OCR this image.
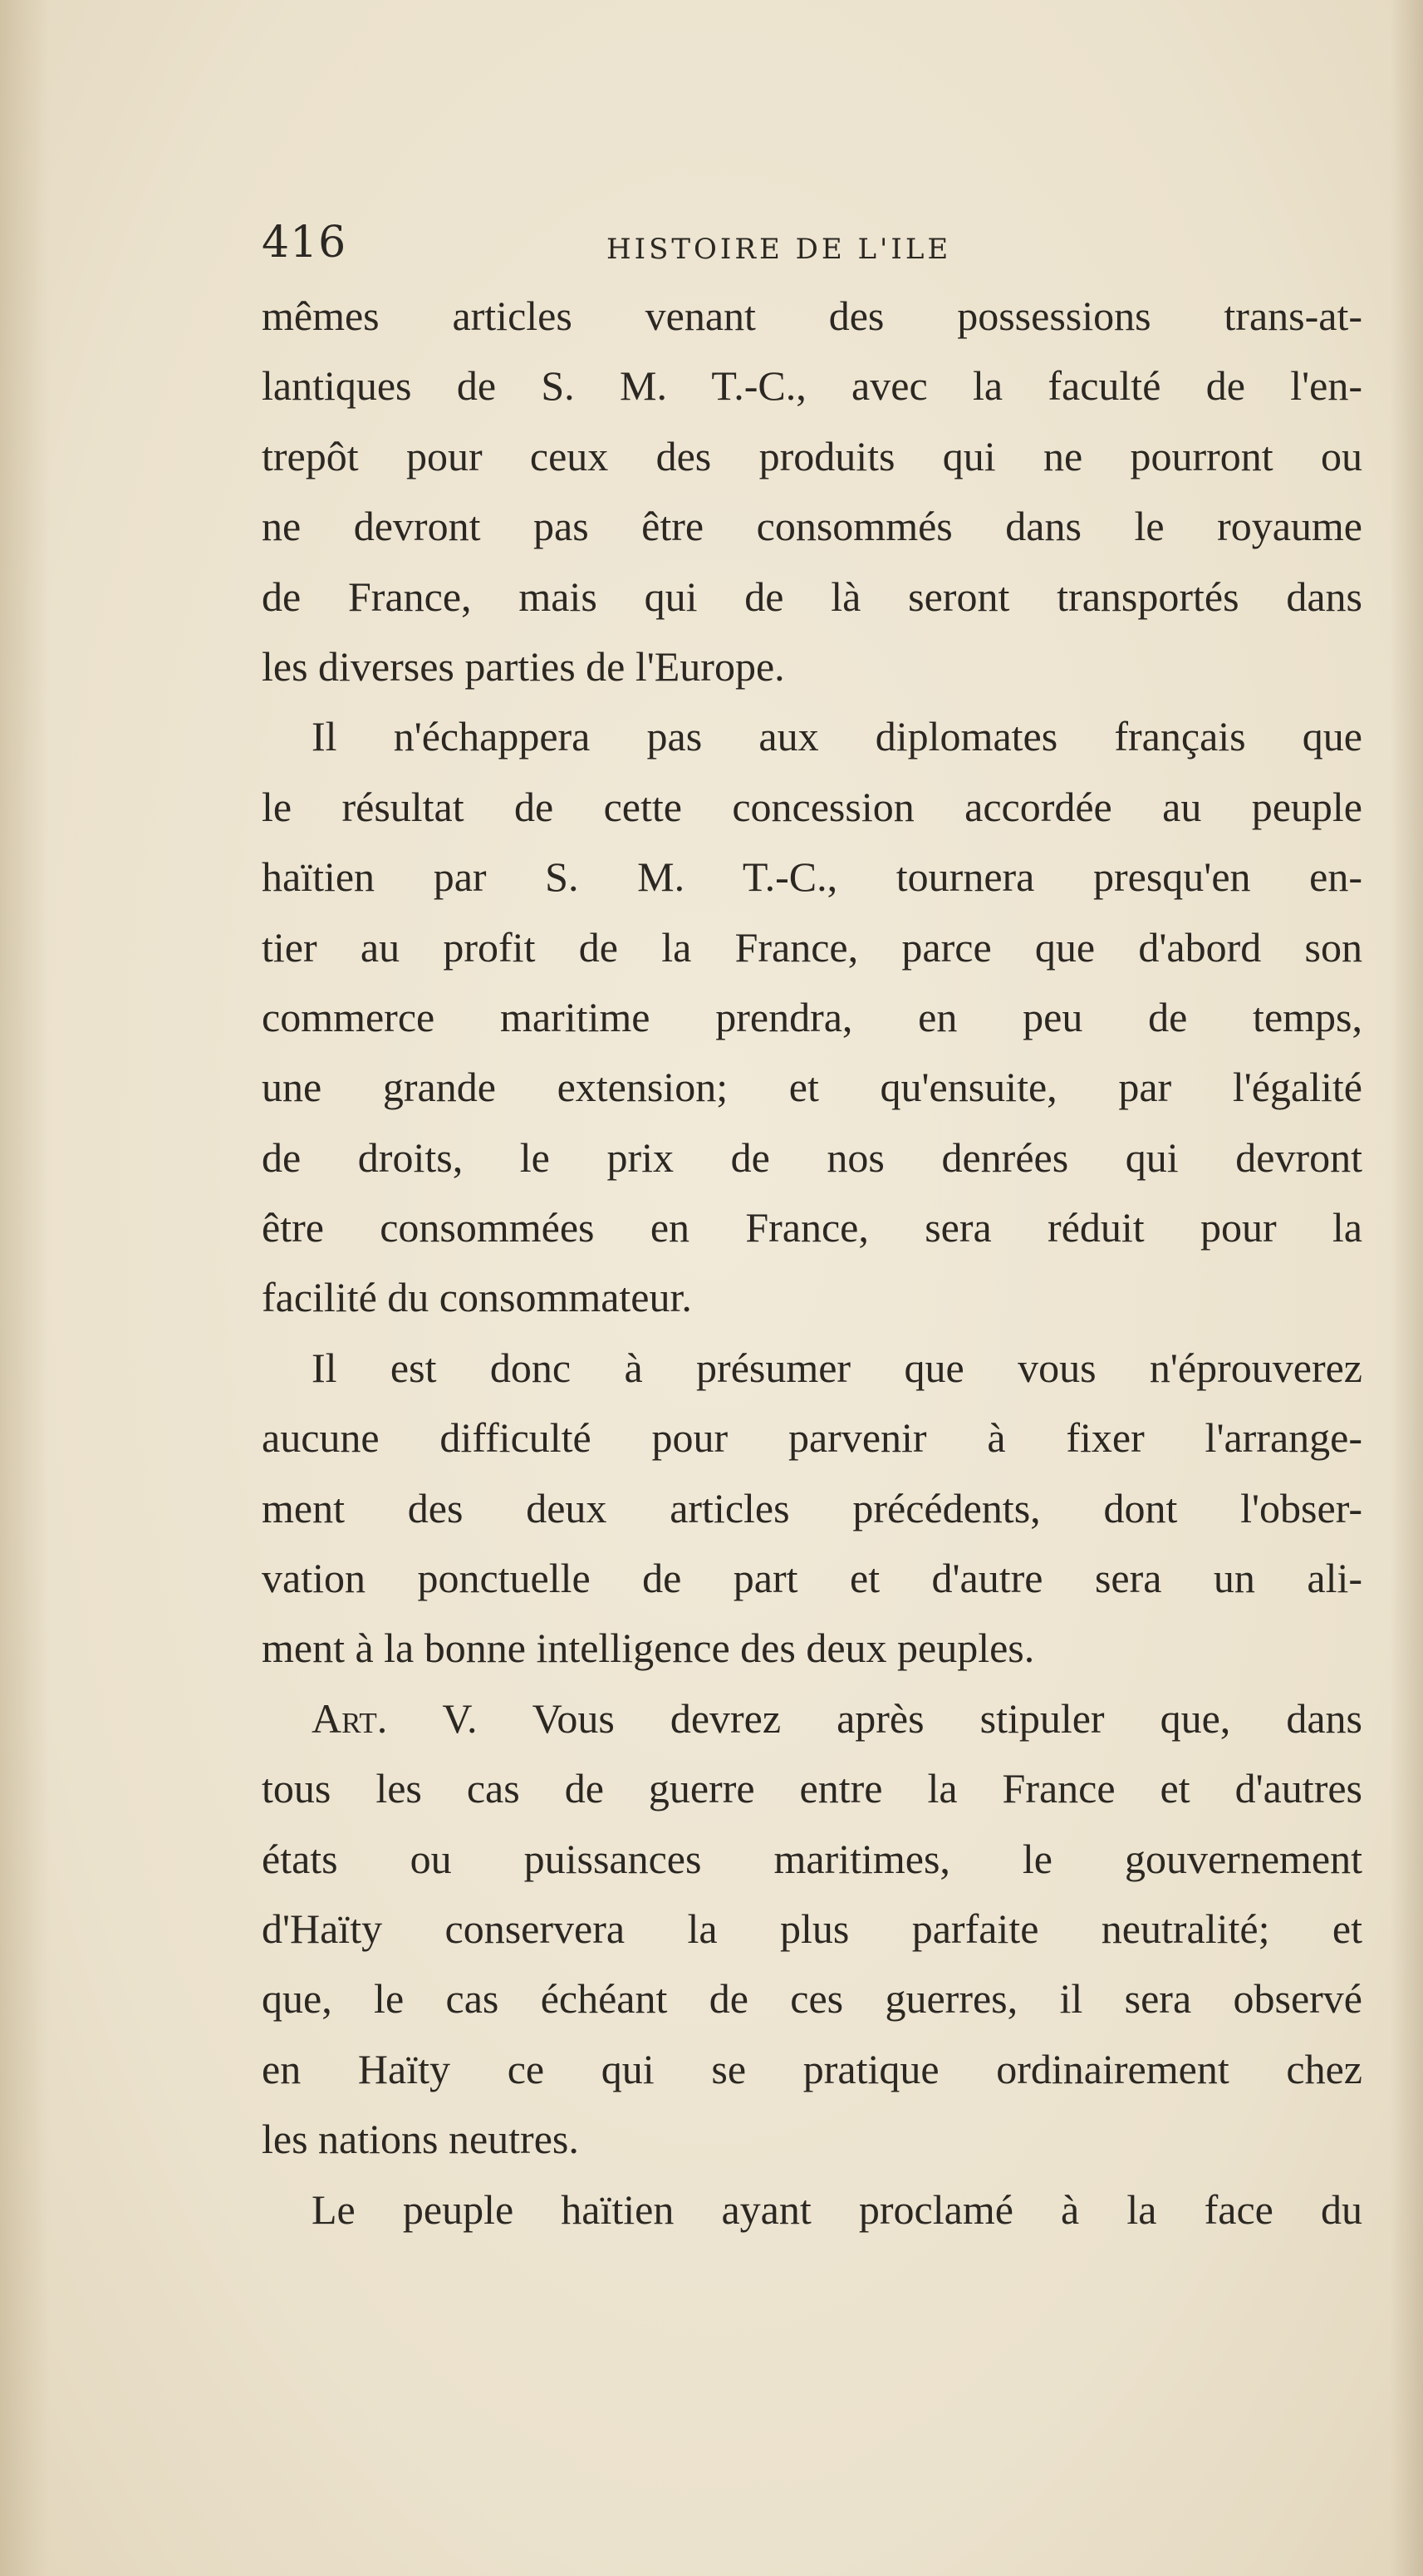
416	HISTOIRE DE L'ILE
mêmes articles venant des possessions trans-at-
lantiques de S. M. T.-C., avec la faculté de l'en-
trepôt pour ceux des produits qui ne pourront ou
ne devront pas être consommés dans le royaume
de France, mais qui de là seront transportés dans
les diverses parties de l'Europe.
Il n'échappera pas aux diplomates français que
le résultat de cette concession accordée au peuple
haïtien par S. M. T.-C., tournera presqu'en en-
tier au profit de la France, parce que d'abord son
commerce maritime prendra, en peu de temps,
une grande extension; et qu'ensuite, par l'égalité
de droits, le prix de nos denrées qui devront
être consommées en France, sera réduit pour la
facilité du consommateur.
Il est donc à présumer que vous n'éprouverez
aucune difficulté pour parvenir à fixer l'arrange-
ment des deux articles précédents, dont l'obser-
vation ponctuelle de part et d'autre sera un ali-
ment à la bonne intelligence des deux peuples.
Art. V. Vous devrez après stipuler que, dans
tous les cas de guerre entre la France et d'autres
états ou puissances maritimes, le gouvernement
d'Haïty conservera la plus parfaite neutralité; et
que, le cas échéant de ces guerres, il sera observé
en Haïty ce qui se pratique ordinairement chez
les nations neutres.
Le peuple haïtien ayant proclamé à la face du
